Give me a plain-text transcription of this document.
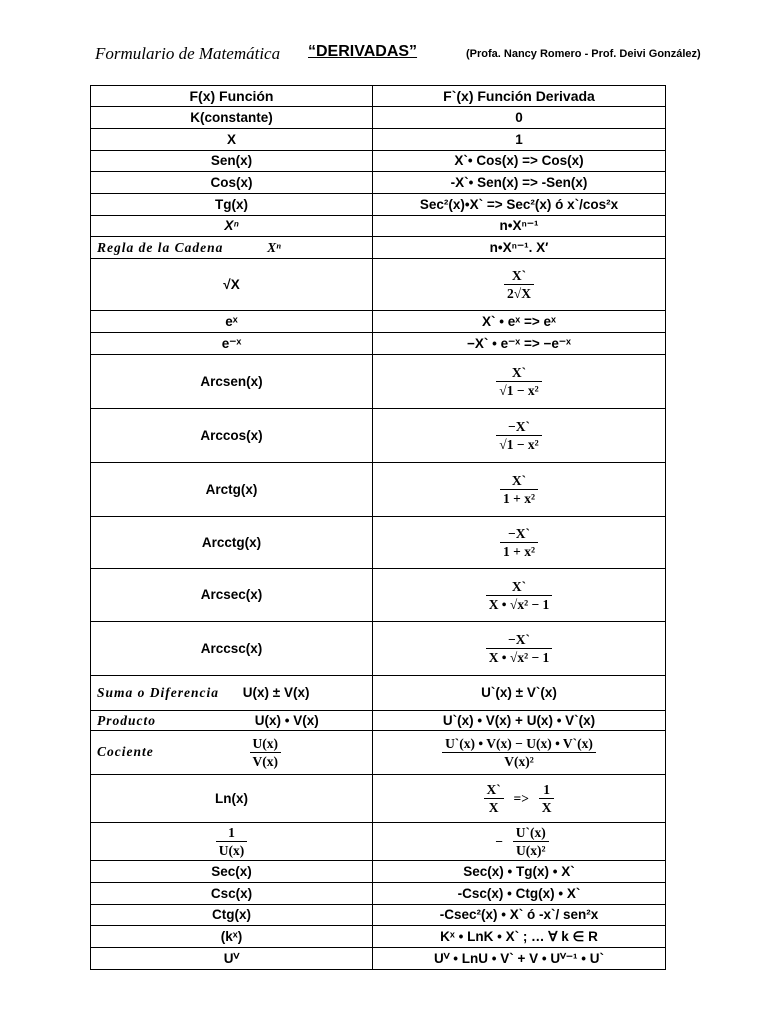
Formulario de Matemática “DERIVADAS”	(Profa. Nancy Romero - Prof. Deivi González)
F(x) Función	F`(x) Función Derivada
K(constante)	0
X	1
Sen(x)	X`• Cos(x) => Cos(x)
Cos(x)	-X`• Sen(x) => -Sen(x)
Tg(x)	Sec²(x)•X` => Sec²(x) ó x`/cos²x
Xⁿ	n•Xⁿ⁻¹
Regla de la Cadena Xⁿ	n•Xⁿ⁻¹. X′
√X	$\frac{X`}{2√X}$

eˣ	X` • eˣ => eˣ
e⁻ˣ	−X` • e⁻ˣ => −e⁻ˣ
Arcsen(x)	$\frac{X`}{\text{√1 − x²}}$

Arccos(x)	$\frac{-X`}{\text{√1 − x²}}$

Arctg(x)	$\frac{X`}{\text{1 + x²}}$

Arcctg(x)	$\frac{-X`}{\text{1 + x²}}$

Arcsec(x)	$\frac{X`}{\text{X • √x² − 1}}$

Arccsc(x)	$\frac{-X`}{\text{X • √x² − 1}}$

Suma o Diferencia U(x) ± V(x)	U`(x) ± V`(x)
Producto U(x) • V(x)	U`(x) • V(x) + U(x) • V`(x)
Cociente $\frac{U(x)}{V(x)}$	$\frac{U`(x) • V(x) - U(x) • V`(x)}{\text{V(x)²}}$

Ln(x)	$\frac{X`}{X} => \frac{1}{X}$

$\frac{1}{U(x)}$	− $\frac{U`(x)}{\text{U(x)²}}$

Sec(x)	Sec(x) • Tg(x) • X`
Csc(x)	-Csc(x) • Ctg(x) • X`
Ctg(x)	-Csec²(x) • X` ó -x`/ sen²x
(kˣ)	Kˣ • LnK • X` ; … ∀ k ∈ R
Uⱽ	Uⱽ • LnU • V` + V • Uⱽ⁻¹ • U`
